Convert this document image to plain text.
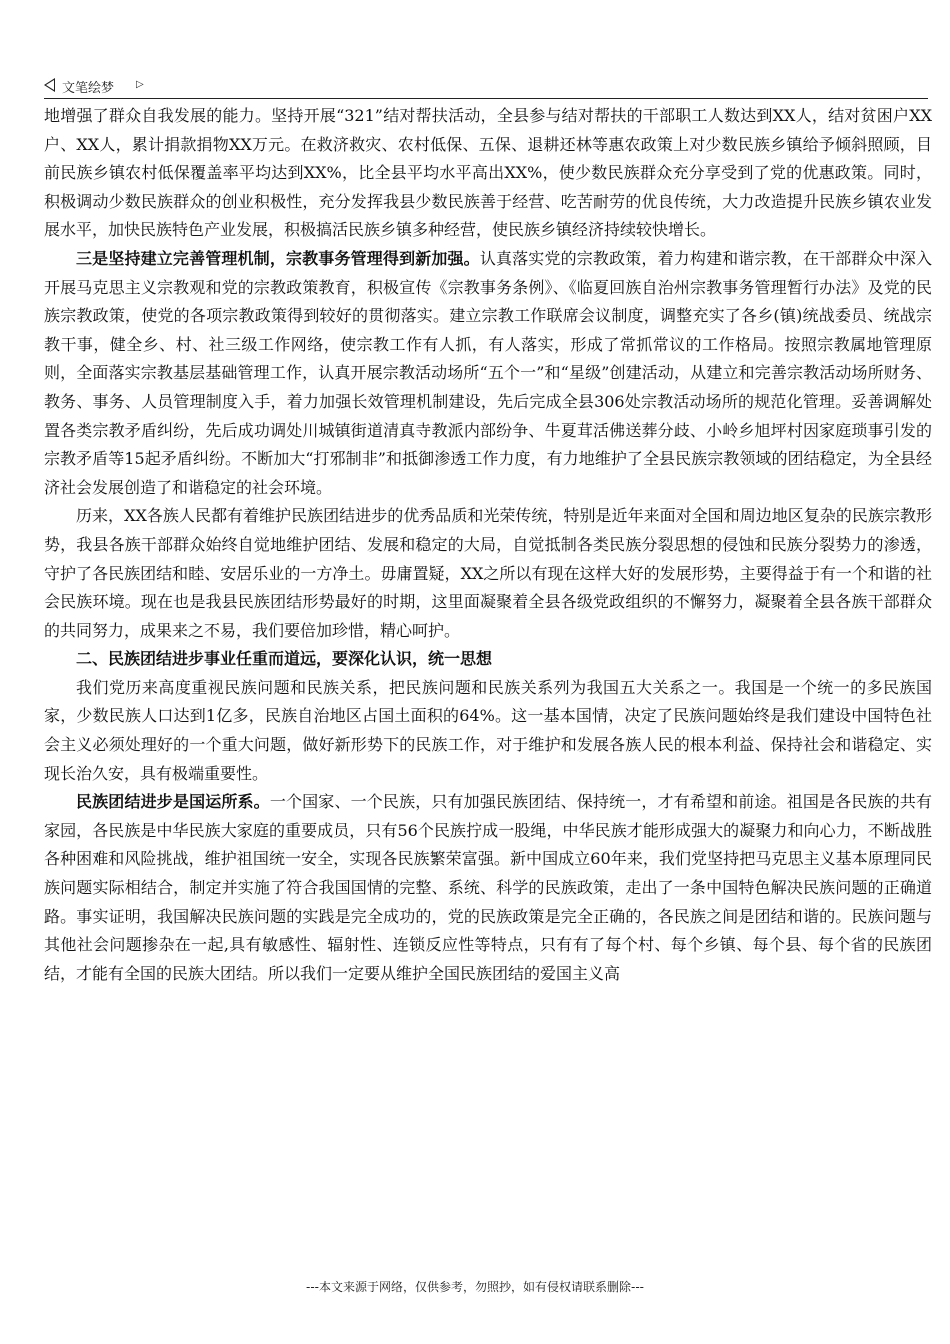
文笔绘梦 ▷

地增强了群众自我发展的能力。坚持开展“321”结对帮扶活动，全县参与结对帮扶的干部职工人数达到XX人，结对贫困户XX户、XX人，累计捐款捐物XX万元。在救济救灾、农村低保、五保、退耕还林等惠农政策上对少数民族乡镇给予倾斜照顾，目前民族乡镇农村低保覆盖率平均达到XX%，比全县平均水平高出XX%，使少数民族群众充分享受到了党的优惠政策。同时，积极调动少数民族群众的创业积极性，充分发挥我县少数民族善于经营、吃苦耐劳的优良传统，大力改造提升民族乡镇农业发展水平，加快民族特色产业发展，积极搞活民族乡镇多种经营，使民族乡镇经济持续较快增长。

三是坚持建立完善管理机制，宗教事务管理得到新加强。认真落实党的宗教政策，着力构建和谐宗教，在干部群众中深入开展马克思主义宗教观和党的宗教政策教育，积极宣传《宗教事务条例》、《临夏回族自治州宗教事务管理暂行办法》及党的民族宗教政策，使党的各项宗教政策得到较好的贯彻落实。建立宗教工作联席会议制度，调整充实了各乡(镇)统战委员、统战宗教干事，健全乡、村、社三级工作网络，使宗教工作有人抓，有人落实，形成了常抓常议的工作格局。按照宗教属地管理原则，全面落实宗教基层基础管理工作，认真开展宗教活动场所“五个一”和“星级”创建活动，从建立和完善宗教活动场所财务、教务、事务、人员管理制度入手，着力加强长效管理机制建设，先后完成全县306处宗教活动场所的规范化管理。妥善调解处置各类宗教矛盾纠纷，先后成功调处川城镇街道清真寺教派内部纷争、牛夏茸活佛送葬分歧、小岭乡旭坪村因家庭琐事引发的宗教矛盾等15起矛盾纠纷。不断加大“打邪制非”和抵御渗透工作力度，有力地维护了全县民族宗教领域的团结稳定，为全县经济社会发展创造了和谐稳定的社会环境。

历来，XX各族人民都有着维护民族团结进步的优秀品质和光荣传统，特别是近年来面对全国和周边地区复杂的民族宗教形势，我县各族干部群众始终自觉地维护团结、发展和稳定的大局，自觉抵制各类民族分裂思想的侵蚀和民族分裂势力的渗透，守护了各民族团结和睦、安居乐业的一方净土。毋庸置疑，XX之所以有现在这样大好的发展形势，主要得益于有一个和谐的社会民族环境。现在也是我县民族团结形势最好的时期，这里面凝聚着全县各级党政组织的不懈努力，凝聚着全县各族干部群众的共同努力，成果来之不易，我们要倍加珍惜，精心呵护。

二、民族团结进步事业任重而道远，要深化认识，统一思想

我们党历来高度重视民族问题和民族关系，把民族问题和民族关系列为我国五大关系之一。我国是一个统一的多民族国家，少数民族人口达到1亿多，民族自治地区占国土面积的64%。这一基本国情，决定了民族问题始终是我们建设中国特色社会主义必须处理好的一个重大问题，做好新形势下的民族工作，对于维护和发展各族人民的根本利益、保持社会和谐稳定、实现长治久安，具有极端重要性。

民族团结进步是国运所系。一个国家、一个民族，只有加强民族团结、保持统一，才有希望和前途。祖国是各民族的共有家园，各民族是中华民族大家庭的重要成员，只有56个民族拧成一股绳，中华民族才能形成强大的凝聚力和向心力，不断战胜各种困难和风险挑战，维护祖国统一安全，实现各民族繁荣富强。新中国成立60年来，我们党坚持把马克思主义基本原理同民族问题实际相结合，制定并实施了符合我国国情的完整、系统、科学的民族政策，走出了一条中国特色解决民族问题的正确道路。事实证明，我国解决民族问题的实践是完全成功的，党的民族政策是完全正确的，各民族之间是团结和谐的。民族问题与其他社会问题掺杂在一起,具有敏感性、辐射性、连锁反应性等特点，只有有了每个村、每个乡镇、每个县、每个省的民族团结，才能有全国的民族大团结。所以我们一定要从维护全国民族团结的爱国主义高

---本文来源于网络，仅供参考，勿照抄，如有侵权请联系删除---
